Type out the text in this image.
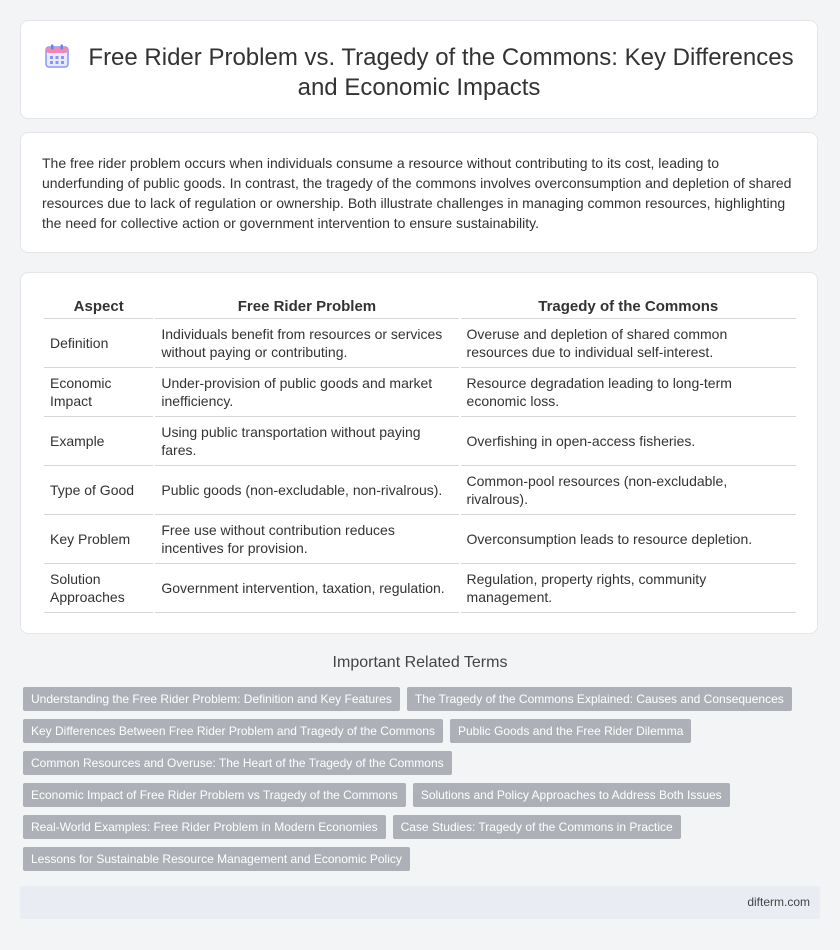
Free Rider Problem vs. Tragedy of the Commons: Key Differences and Economic Impacts

The free rider problem occurs when individuals consume a resource without contributing to its cost, leading to underfunding of public goods. In contrast, the tragedy of the commons involves overconsumption and depletion of shared resources due to lack of regulation or ownership. Both illustrate challenges in managing common resources, highlighting the need for collective action or government intervention to ensure sustainability.

Aspect	Free Rider Problem	Tragedy of the Commons
Definition	Individuals benefit from resources or services without paying or contributing.	Overuse and depletion of shared common resources due to individual self-interest.
Economic Impact	Under-provision of public goods and market inefficiency.	Resource degradation leading to long-term economic loss.
Example	Using public transportation without paying fares.	Overfishing in open-access fisheries.
Type of Good	Public goods (non-excludable, non-rivalrous).	Common-pool resources (non-excludable, rivalrous).
Key Problem	Free use without contribution reduces incentives for provision.	Overconsumption leads to resource depletion.
Solution Approaches	Government intervention, taxation, regulation.	Regulation, property rights, community management.
Important Related Terms
Understanding the Free Rider Problem: Definition and Key Features The Tragedy of the Commons Explained: Causes and Consequences
Key Differences Between Free Rider Problem and Tragedy of the Commons Public Goods and the Free Rider Dilemma
Common Resources and Overuse: The Heart of the Tragedy of the Commons
Economic Impact of Free Rider Problem vs Tragedy of the Commons Solutions and Policy Approaches to Address Both Issues
Real-World Examples: Free Rider Problem in Modern Economies Case Studies: Tragedy of the Commons in Practice
Lessons for Sustainable Resource Management and Economic Policy
difterm.com
